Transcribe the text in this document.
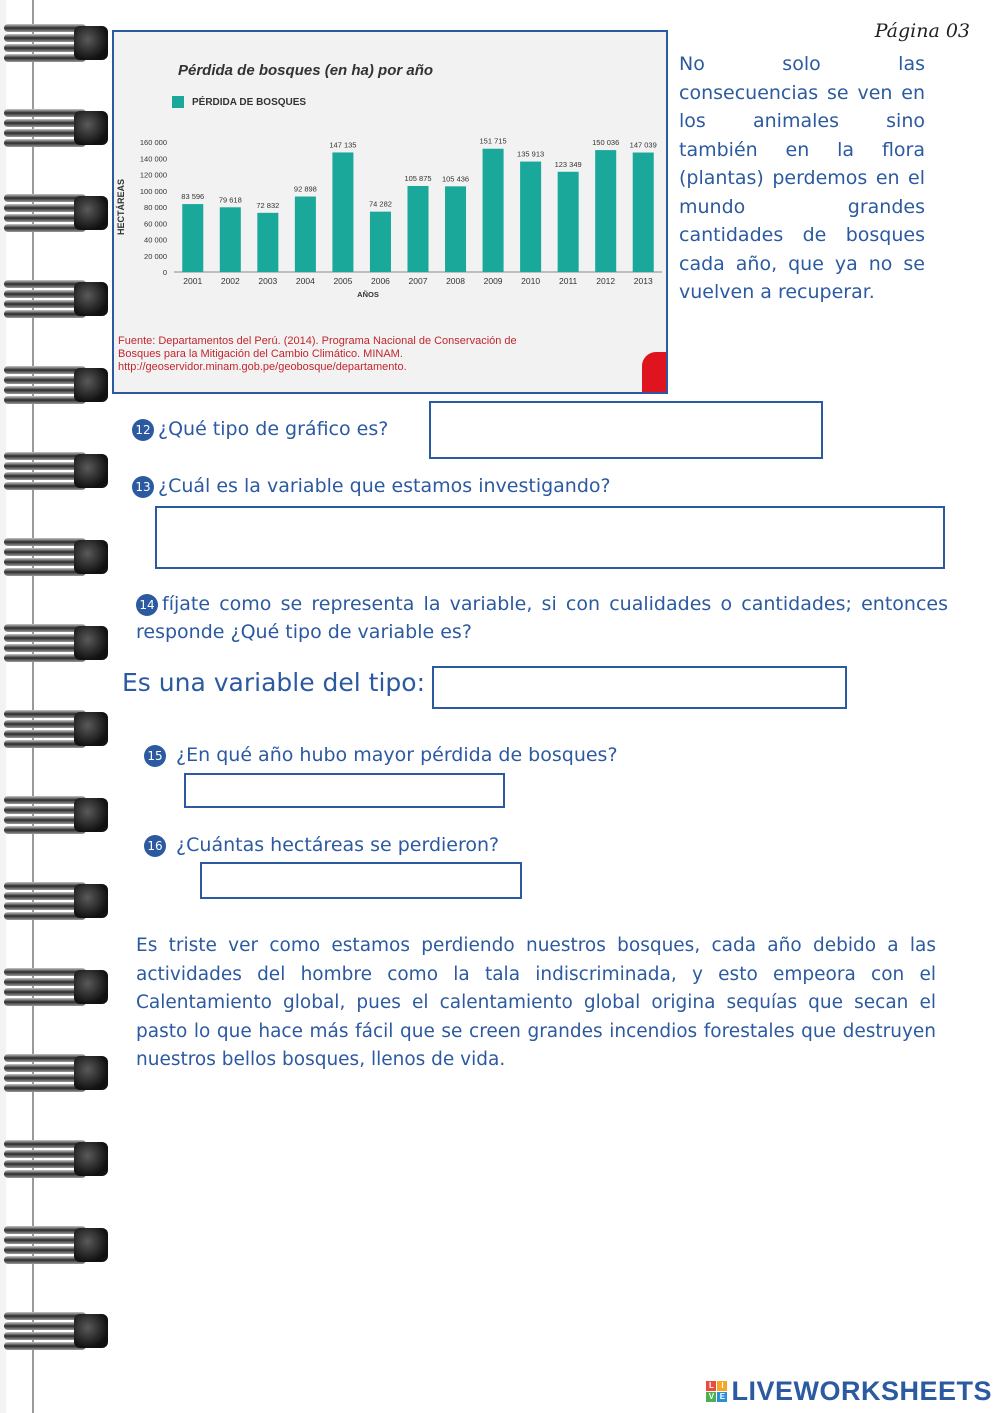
Página 03
Pérdida de bosques (en ha) por año
PÉRDIDA DE BOSQUES
HECTÁREAS
160 000
140 000
120 000
100 000
80 000
60 000
40 000
20 000
0
83 596
2001
79 618
2002
72 832
2003
92 898
2004
147 135
2005
74 282
2006
105 875
2007
105 436
2008
151 715
2009
135 913
2010
123 349
2011
150 036
2012
147 039
2013
AÑOS
Fuente: Departamentos del Perú. (2014). Programa Nacional de Conservación de
Bosques para la Mitigación del Cambio Climático. MINAM.
http://geoservidor.minam.gob.pe/geobosque/departamento.
No solo las consecuencias se ven en los animales sino también en la flora (plantas) perdemos en el mundo grandes cantidades de bosques cada año, que ya no se vuelven a recuperar.
12 ¿Qué tipo de gráfico es?
13 ¿Cuál es la variable que estamos investigando?
14 fíjate como se representa la variable, si con cualidades o cantidades; entonces responde ¿Qué tipo de variable es?
Es una variable del tipo:
15 ¿En qué año hubo mayor pérdida de bosques?
16 ¿Cuántas hectáreas se perdieron?
Es triste ver como estamos perdiendo nuestros bosques, cada año debido a las actividades del hombre como la tala indiscriminada, y esto empeora con el Calentamiento global, pues el calentamiento global origina sequías que secan el pasto lo que hace más fácil que se creen grandes incendios forestales que destruyen nuestros bellos bosques, llenos de vida.
L I
V E LIVEWORKSHEETS
